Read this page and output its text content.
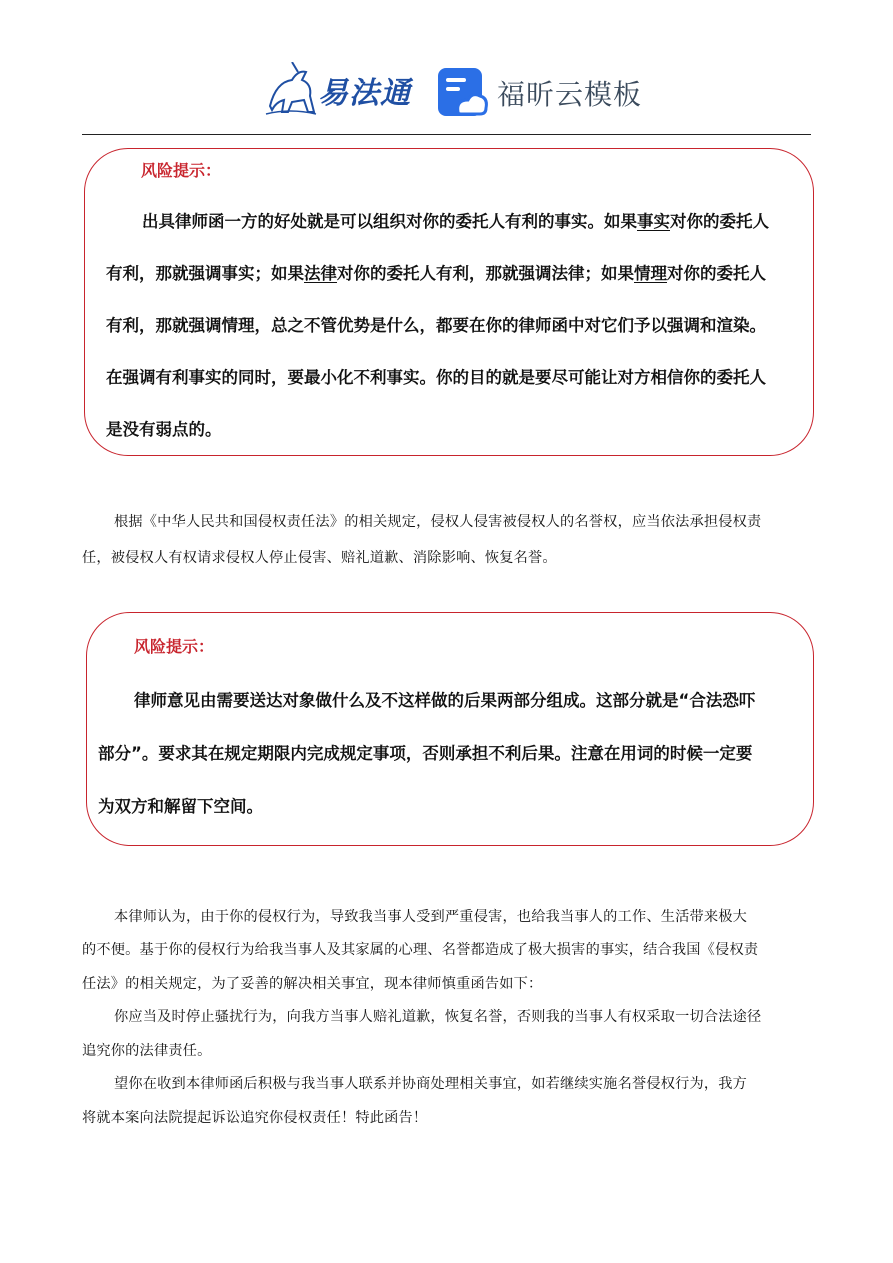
易法通	福昕云模板
风险提示：
出具律师函一方的好处就是可以组织对你的委托人有利的事实。如果事实对你的委托人
有利，那就强调事实；如果法律对你的委托人有利，那就强调法律；如果情理对你的委托人
有利，那就强调情理，总之不管优势是什么，都要在你的律师函中对它们予以强调和渲染。
在强调有利事实的同时，要最小化不利事实。你的目的就是要尽可能让对方相信你的委托人
是没有弱点的。
根据《中华人民共和国侵权责任法》的相关规定，侵权人侵害被侵权人的名誉权，应当依法承担侵权责
任，被侵权人有权请求侵权人停止侵害、赔礼道歉、消除影响、恢复名誉。
风险提示：
律师意见由需要送达对象做什么及不这样做的后果两部分组成。这部分就是“合法恐吓
部分”。要求其在规定期限内完成规定事项，否则承担不利后果。注意在用词的时候一定要
为双方和解留下空间。
本律师认为，由于你的侵权行为，导致我当事人受到严重侵害，也给我当事人的工作、生活带来极大
的不便。基于你的侵权行为给我当事人及其家属的心理、名誉都造成了极大损害的事实，结合我国《侵权责
任法》的相关规定，为了妥善的解决相关事宜，现本律师慎重函告如下：
你应当及时停止骚扰行为，向我方当事人赔礼道歉，恢复名誉，否则我的当事人有权采取一切合法途径
追究你的法律责任。
望你在收到本律师函后积极与我当事人联系并协商处理相关事宜，如若继续实施名誉侵权行为，我方
将就本案向法院提起诉讼追究你侵权责任！特此函告！
